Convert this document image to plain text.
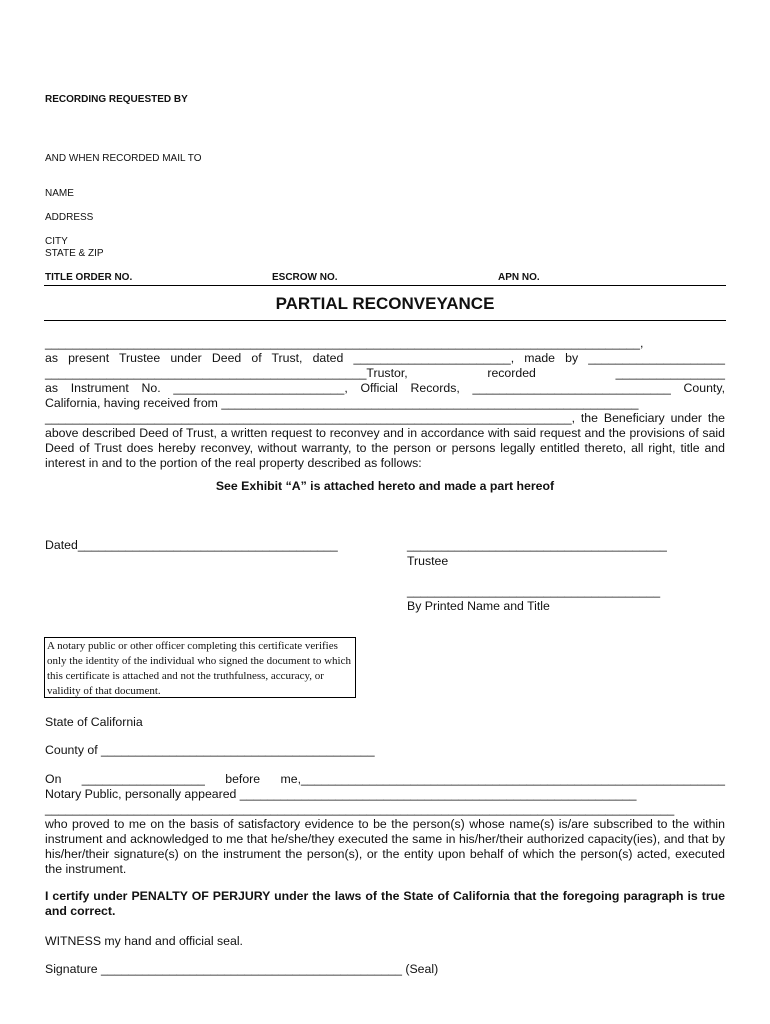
RECORDING REQUESTED BY
AND WHEN RECORDED MAIL TO
NAME
ADDRESS
CITY
STATE & ZIP
TITLE ORDER NO.	ESCROW NO.	APN NO.
PARTIAL RECONVEYANCE
_______________________________________________________________________________________,
as present Trustee under Deed of Trust, dated _______________________, made by ____________________
_______________________________________________Trustor, recorded ________________
as Instrument No. _________________________, Official Records, _____________________________ County,
California, having received from _____________________________________________________________
_____________________________________________________________________________, the Beneficiary under the
above described Deed of Trust, a written request to reconvey and in accordance with said request and the provisions of said Deed of Trust does hereby reconvey, without warranty, to the person or persons legally entitled thereto, all right, title and interest in and to the portion of the real property described as follows:
See Exhibit “A” is attached hereto and made a part hereof
Dated______________________________________	______________________________________
Trustee
_____________________________________
By Printed Name and Title
A notary public or other officer completing this certificate verifies only the identity of the individual who signed the document to which this certificate is attached and not the truthfulness, accuracy, or validity of that document.
State of California
County of ________________________________________
On __________________ before me,______________________________________________________________
Notary Public, personally appeared __________________________________________________________
____________________________________________________________________________________________
who proved to me on the basis of satisfactory evidence to be the person(s) whose name(s) is/are subscribed to the within instrument and acknowledged to me that he/she/they executed the same in his/her/their authorized capacity(ies), and that by his/her/their signature(s) on the instrument the person(s), or the entity upon behalf of which the person(s) acted, executed the instrument.
I certify under PENALTY OF PERJURY under the laws of the State of California that the foregoing paragraph is true and correct.
WITNESS my hand and official seal.
Signature ____________________________________________ (Seal)
